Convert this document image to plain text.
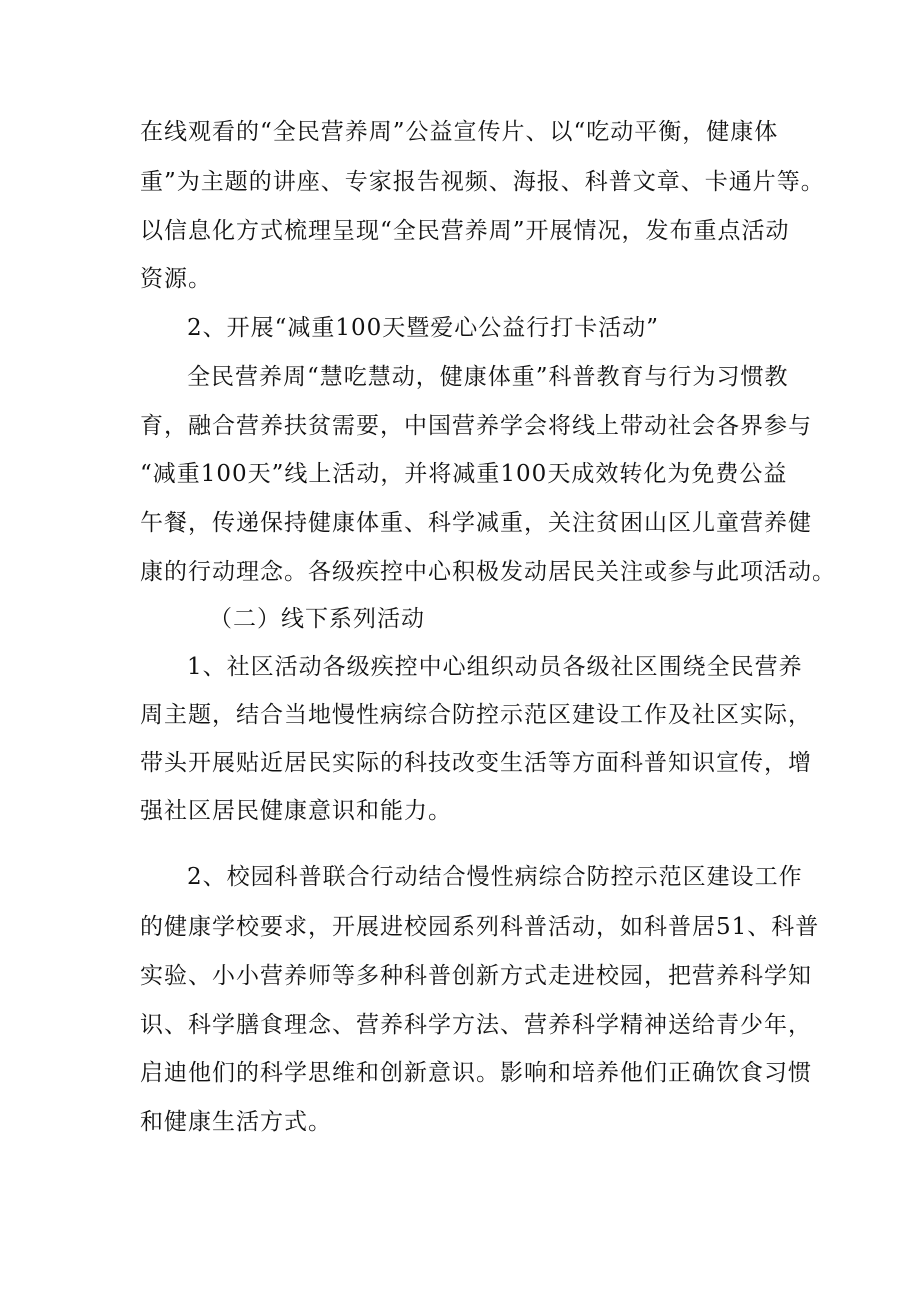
在线观看的“全民营养周”公益宣传片、以“吃动平衡，健康体

重”为主题的讲座、专家报告视频、海报、科普文章、卡通片等。

以信息化方式梳理呈现“全民营养周”开展情况，发布重点活动

资源。

2、开展“减重100天暨爱心公益行打卡活动”

全民营养周“慧吃慧动，健康体重”科普教育与行为习惯教

育，融合营养扶贫需要，中国营养学会将线上带动社会各界参与

“减重100天”线上活动，并将减重100天成效转化为免费公益

午餐，传递保持健康体重、科学减重，关注贫困山区儿童营养健

康的行动理念。各级疾控中心积极发动居民关注或参与此项活动。

（二）线下系列活动

1、社区活动各级疾控中心组织动员各级社区围绕全民营养

周主题，结合当地慢性病综合防控示范区建设工作及社区实际，

带头开展贴近居民实际的科技改变生活等方面科普知识宣传，增

强社区居民健康意识和能力。

2、校园科普联合行动结合慢性病综合防控示范区建设工作

的健康学校要求，开展进校园系列科普活动，如科普居51、科普

实验、小小营养师等多种科普创新方式走进校园，把营养科学知

识、科学膳食理念、营养科学方法、营养科学精神送给青少年，

启迪他们的科学思维和创新意识。影响和培养他们正确饮食习惯

和健康生活方式。
